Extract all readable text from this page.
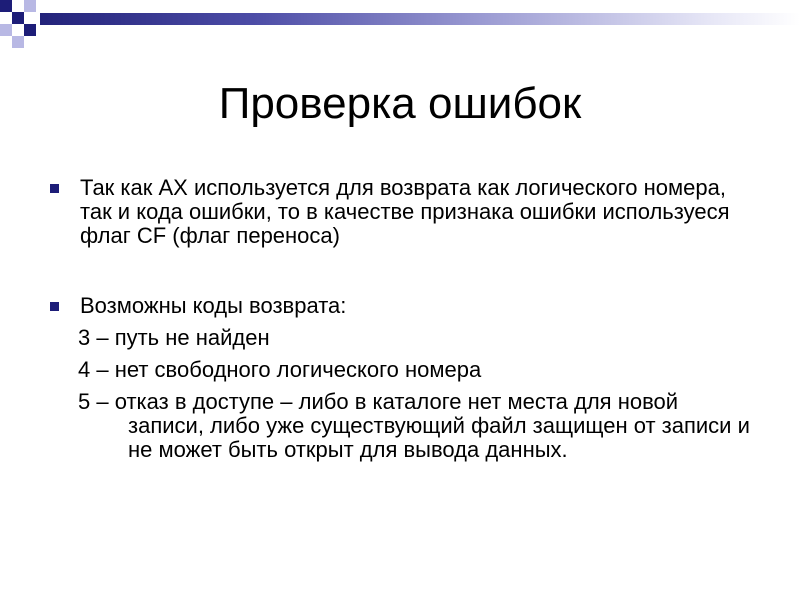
Проверка ошибок
Так как AX используется для возврата как логического номера, так и кода ошибки, то в качестве признака ошибки используеся флаг CF (флаг переноса)
Возможны коды возврата:
3 – путь не найден
4 – нет свободного логического номера
5 – отказ в доступе – либо в каталоге нет места для новой записи, либо уже существующий файл защищен от записи и не может быть открыт для вывода данных.
